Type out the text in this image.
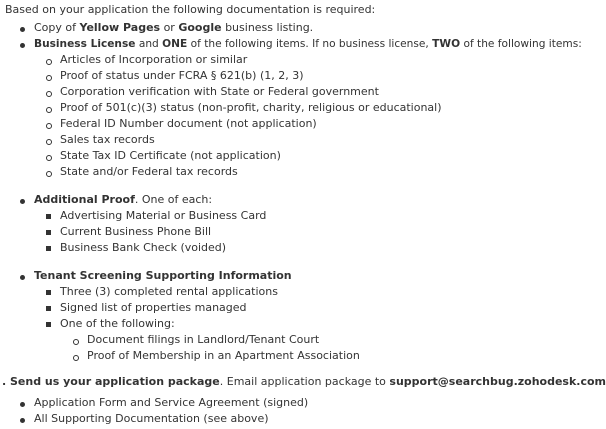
Based on your application the following documentation is required:
Copy of Yellow Pages or Google business listing.
Business License and ONE of the following items. If no business license, TWO of the following items:
Articles of Incorporation or similar
Proof of status under FCRA § 621(b) (1, 2, 3)
Corporation verification with State or Federal government
Proof of 501(c)(3) status (non-profit, charity, religious or educational)
Federal ID Number document (not application)
Sales tax records
State Tax ID Certificate (not application)
State and/or Federal tax records
Additional Proof. One of each:
Advertising Material or Business Card
Current Business Phone Bill
Business Bank Check (voided)
Tenant Screening Supporting Information
Three (3) completed rental applications
Signed list of properties managed
One of the following:
Document filings in Landlord/Tenant Court
Proof of Membership in an Apartment Association
. Send us your application package. Email application package to support@searchbug.zohodesk.com
Application Form and Service Agreement (signed)
All Supporting Documentation (see above)
